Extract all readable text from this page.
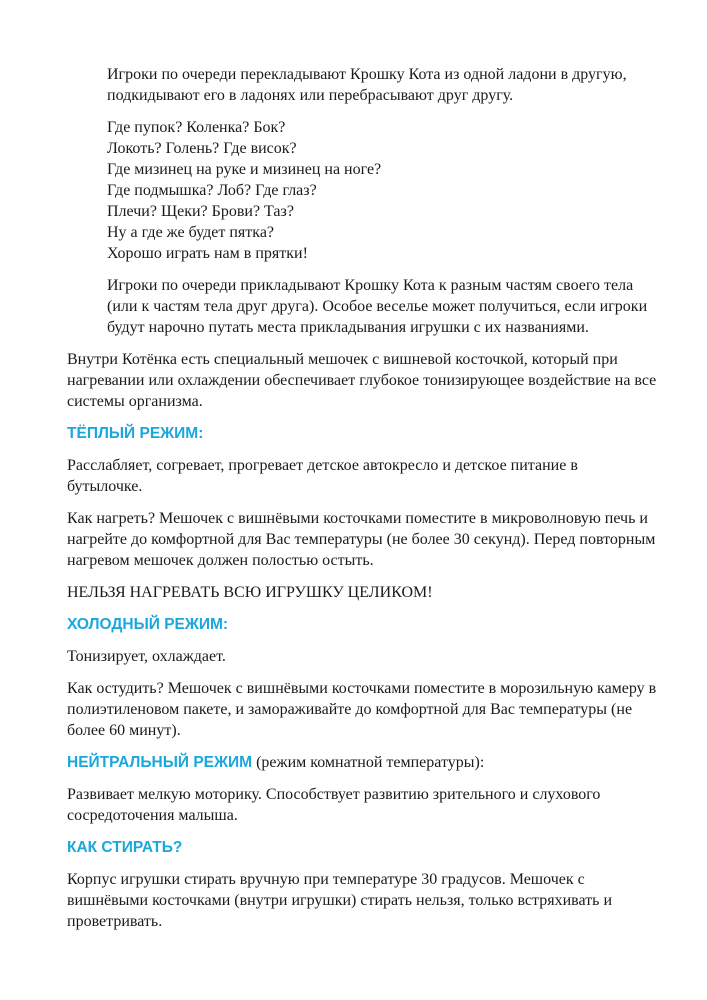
Игроки по очереди перекладывают Крошку Кота из одной ладони в другую, подкидывают его в ладонях или перебрасывают друг другу.

Где пупок? Коленка? Бок?
Локоть? Голень? Где висок?
Где мизинец на руке и мизинец на ноге?
Где подмышка? Лоб? Где глаз?
Плечи? Щеки? Брови? Таз?
Ну а где же будет пятка?
Хорошо играть нам в прятки!

Игроки по очереди прикладывают Крошку Кота к разным частям своего тела (или к частям тела друг друга). Особое веселье может получиться, если игроки будут нарочно путать места прикладывания игрушки с их названиями.

Внутри Котёнка есть специальный мешочек с вишневой косточкой, который при нагревании или охлаждении обеспечивает глубокое тонизирующее воздействие на все системы организма.

ТЁПЛЫЙ РЕЖИМ:

Расслабляет, согревает, прогревает детское автокресло и детское питание в бутылочке.

Как нагреть? Мешочек с вишнёвыми косточками поместите в микроволновую печь и нагрейте до комфортной для Вас температуры (не более 30 секунд). Перед повторным нагревом мешочек должен полостью остыть.

НЕЛЬЗЯ НАГРЕВАТЬ ВСЮ ИГРУШКУ ЦЕЛИКОМ!

ХОЛОДНЫЙ РЕЖИМ:

Тонизирует, охлаждает.

Как остудить? Мешочек с вишнёвыми косточками поместите в морозильную камеру в полиэтиленовом пакете, и замораживайте до комфортной для Вас температуры (не более 60 минут).

НЕЙТРАЛЬНЫЙ РЕЖИМ (режим комнатной температуры):

Развивает мелкую моторику. Способствует развитию зрительного и слухового сосредоточения малыша.

КАК СТИРАТЬ?

Корпус игрушки стирать вручную при температуре 30 градусов. Мешочек с вишнёвыми косточками (внутри игрушки) стирать нельзя, только встряхивать и проветривать.
